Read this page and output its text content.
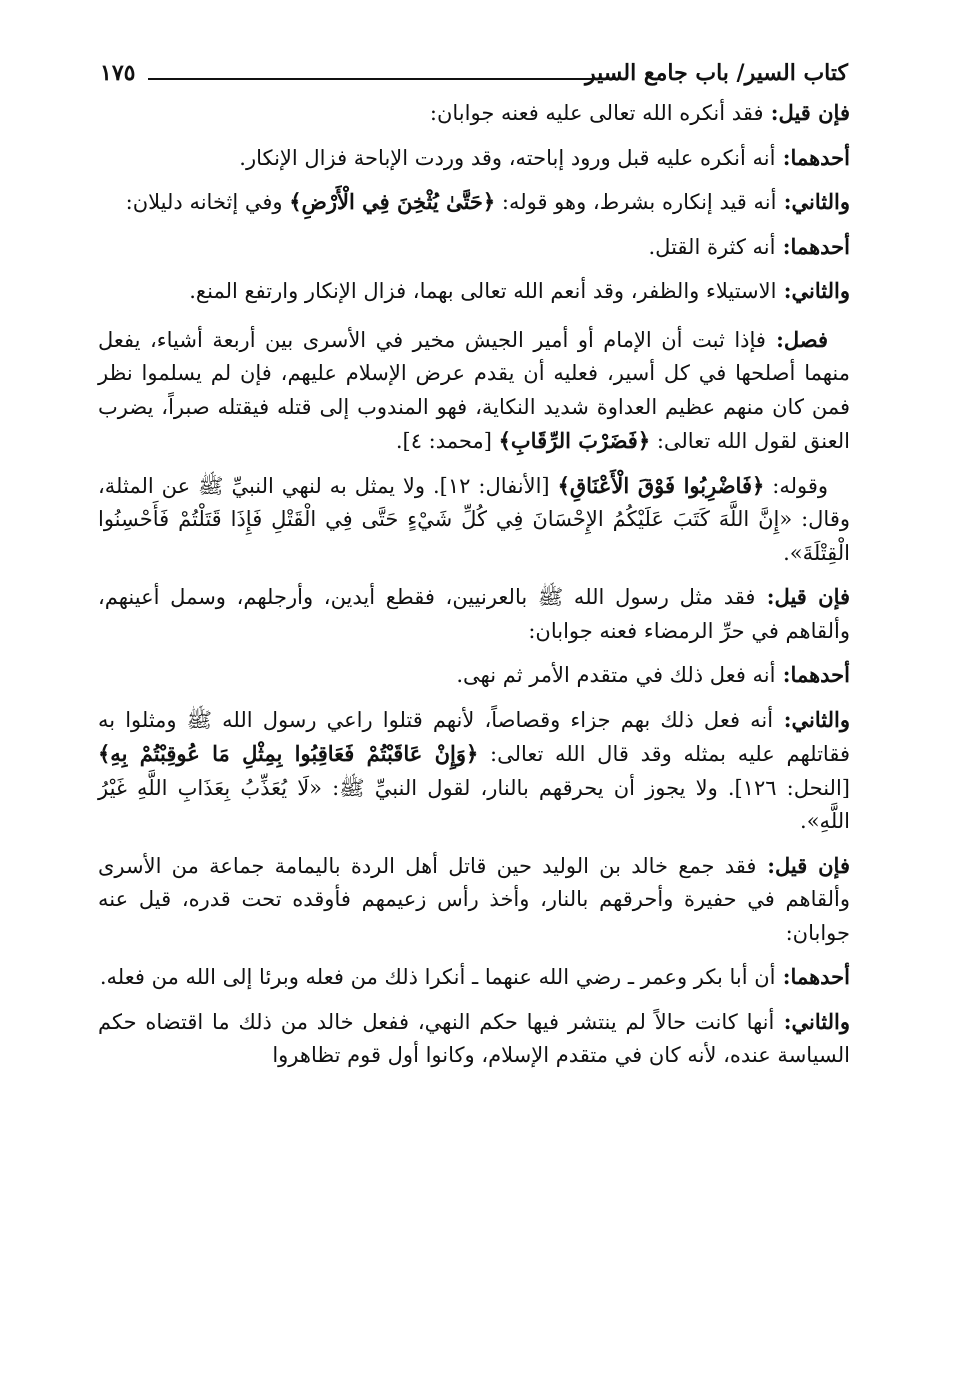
كتاب السير/ باب جامع السير
١٧٥

فإن قيل: فقد أنكره الله تعالى عليه فعنه جوابان:

أحدهما: أنه أنكره عليه قبل ورود إباحته، وقد وردت الإباحة فزال الإنكار.

والثاني: أنه قيد إنكاره بشرط، وهو قوله: ﴿حَتَّىٰ يُثْخِنَ فِي الْأَرْضِ﴾ وفي إثخانه دليلان:

أحدهما: أنه كثرة القتل.

والثاني: الاستيلاء والظفر، وقد أنعم الله تعالى بهما، فزال الإنكار وارتفع المنع.

فصل: فإذا ثبت أن الإمام أو أمير الجيش مخير في الأسرى بين أربعة أشياء، يفعل منهما أصلحها في كل أسير، فعليه أن يقدم عرض الإسلام عليهم، فإن لم يسلموا نظر فمن كان منهم عظيم العداوة شديد النكاية، فهو المندوب إلى قتله فيقتله صبراً، يضرب العنق لقول الله تعالى: ﴿فَضَرْبَ الرِّقَابِ﴾ [محمد: ٤].

وقوله: ﴿فَاضْرِبُوا فَوْقَ الْأَعْنَاقِ﴾ [الأنفال: ١٢]. ولا يمثل به لنهي النبيِّ ﷺ عن المثلة، وقال: «إِنَّ اللَّهَ كَتَبَ عَلَيْكُمُ الإِحْسَانَ فِي كُلِّ شَيْءٍ حَتَّى فِي الْقَتْلِ فَإِذَا قَتَلْتُمْ فَأَحْسِنُوا الْقِتْلَةَ».

فإن قيل: فقد مثل رسول الله ﷺ بالعرنيين، فقطع أيدين، وأرجلهم، وسمل أعينهم، وألقاهم في حرِّ الرمضاء فعنه جوابان:

أحدهما: أنه فعل ذلك في متقدم الأمر ثم نهى.

والثاني: أنه فعل ذلك بهم جزاء وقصاصاً، لأنهم قتلوا راعي رسول الله ﷺ ومثلوا به فقاتلهم عليه بمثله وقد قال الله تعالى: ﴿وَإِنْ عَاقَبْتُمْ فَعَاقِبُوا بِمِثْلِ مَا عُوقِبْتُمْ بِهِ﴾ [النحل: ١٢٦]. ولا يجوز أن يحرقهم بالنار، لقول النبيِّ ﷺ: «لَا يُعَذِّبُ بِعَذَابِ اللَّهِ غَيْرُ اللَّهِ».

فإن قيل: فقد جمع خالد بن الوليد حين قاتل أهل الردة باليمامة جماعة من الأسرى وألقاهم في حفيرة وأحرقهم بالنار، وأخذ رأس زعيمهم فأوقده تحت قدره، قيل عنه جوابان:

أحدهما: أن أبا بكر وعمر ـ رضي الله عنهما ـ أنكرا ذلك من فعله وبرئا إلى الله من فعله.

والثاني: أنها كانت حالاً لم ينتشر فيها حكم النهي، ففعل خالد من ذلك ما اقتضاه حكم السياسة عنده، لأنه كان في متقدم الإسلام، وكانوا أول قوم تظاهروا
